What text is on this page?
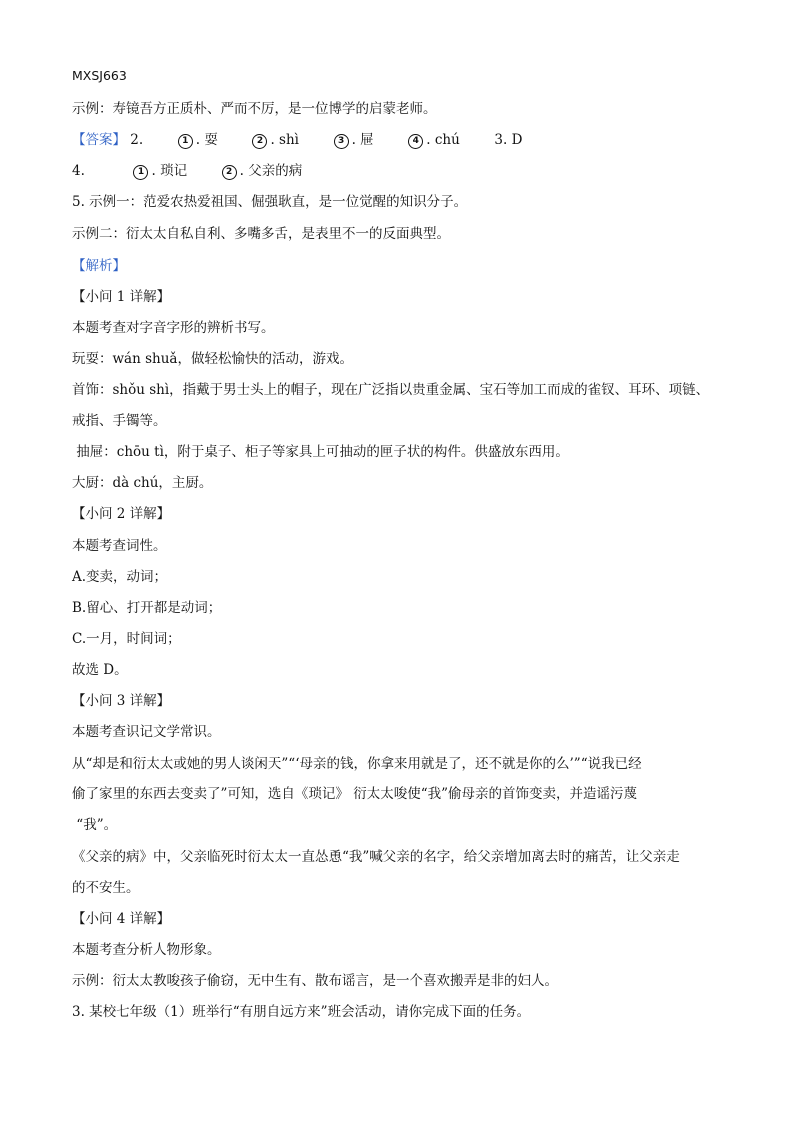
MXSJ663
示例：寿镜吾方正质朴、严而不厉，是一位博学的启蒙老师。
【答案】 2.	1 . 耍	2 . shì	3 . 屉	4 . chú	3. D
4.	1 . 琐记	2 . 父亲的病
5. 示例一：范爱农热爱祖国、倔强耿直，是一位觉醒的知识分子。
示例二：衍太太自私自利、多嘴多舌，是表里不一的反面典型。
【解析】
【小问 1 详解】
本题考查对字音字形的辨析书写。
玩耍：wán shuǎ，做轻松愉快的活动，游戏。
首饰：shǒu shì，指戴于男士头上的帽子，现在广泛指以贵重金属、宝石等加工而成的雀钗、耳环、项链、
戒指、手镯等。
抽屉：chōu tì，附于桌子、柜子等家具上可抽动的匣子状的构件。供盛放东西用。
大厨：dà chú，主厨。
【小问 2 详解】
本题考查词性。
A.变卖，动词；
B.留心、打开都是动词；
C.一月，时间词；
故选 D。
【小问 3 详解】
本题考查识记文学常识。
从“却是和衍太太或她的男人谈闲天”“‘母亲的钱，你拿来用就是了，还不就是你的么’”“说我已经
偷了家里的东西去变卖了”可知，选自《琐记》 衍太太唆使“我”偷母亲的首饰变卖，并造谣污蔑
“我”。
《父亲的病》中，父亲临死时衍太太一直怂恿“我”喊父亲的名字，给父亲增加离去时的痛苦，让父亲走
的不安生。
【小问 4 详解】
本题考查分析人物形象。
示例：衍太太教唆孩子偷窃，无中生有、散布谣言，是一个喜欢搬弄是非的妇人。
3. 某校七年级（1）班举行“有朋自远方来”班会活动，请你完成下面的任务。
